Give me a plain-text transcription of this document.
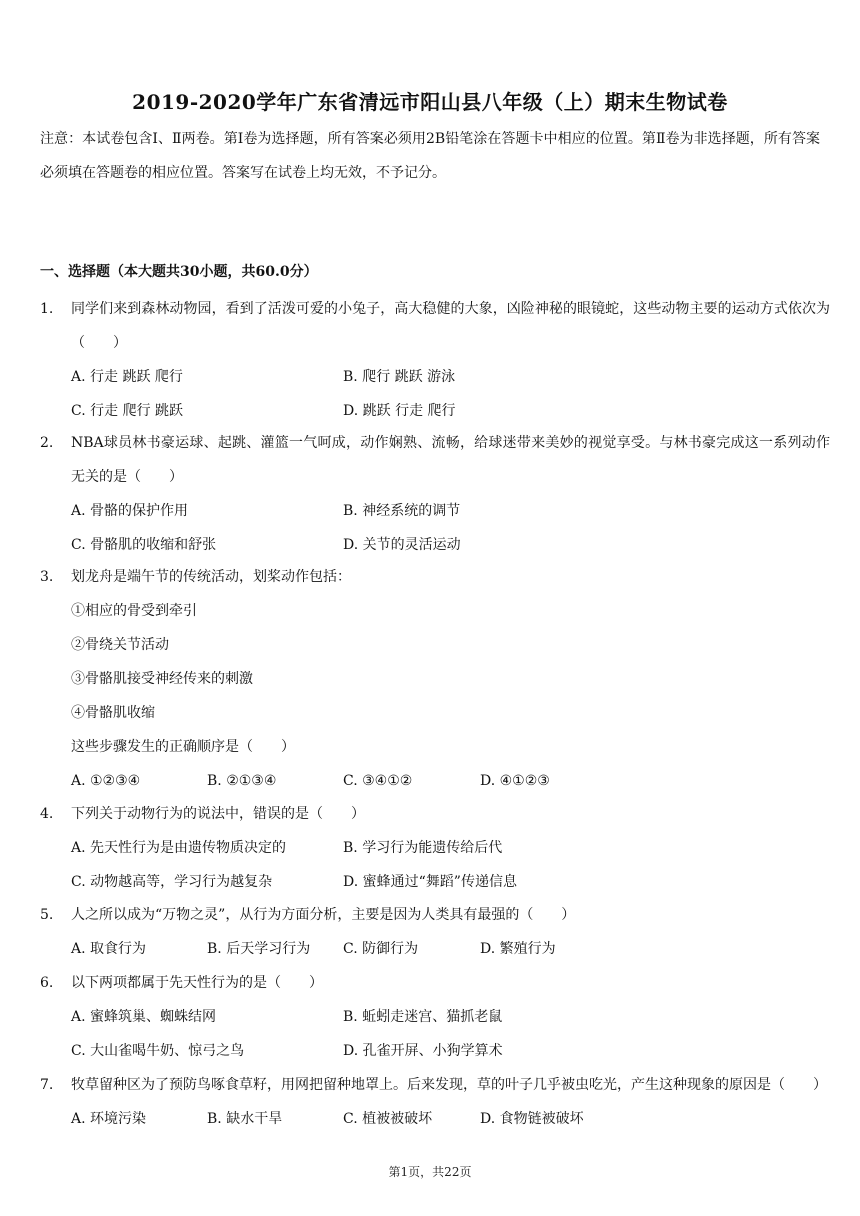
2019-2020学年广东省清远市阳山县八年级（上）期末生物试卷
注意：本试卷包含Ⅰ、Ⅱ两卷。第Ⅰ卷为选择题，所有答案必须用2B铅笔涂在答题卡中相应的位置。第Ⅱ卷为非选择题，所有答案必须填在答题卷的相应位置。答案写在试卷上均无效，不予记分。
一、选择题（本大题共30小题，共60.0分）
1.	同学们来到森林动物园，看到了活泼可爱的小兔子，高大稳健的大象，凶险神秘的眼镜蛇，这些动物主要的运动方式依次为（　　）
A. 行走 跳跃 爬行	B. 爬行 跳跃 游泳
C. 行走 爬行 跳跃	D. 跳跃 行走 爬行
2.	NBA球员林书豪运球、起跳、灌篮一气呵成，动作娴熟、流畅，给球迷带来美妙的视觉享受。与林书豪完成这一系列动作无关的是（　　）
A. 骨骼的保护作用	B. 神经系统的调节
C. 骨骼肌的收缩和舒张	D. 关节的灵活运动
3.	划龙舟是端午节的传统活动，划桨动作包括：
①相应的骨受到牵引
②骨绕关节活动
③骨骼肌接受神经传来的刺激
④骨骼肌收缩
这些步骤发生的正确顺序是（　　）
A. ①②③④	B. ②①③④	C. ③④①②	D. ④①②③
4.	下列关于动物行为的说法中，错误的是（　　）
A. 先天性行为是由遗传物质决定的	B. 学习行为能遗传给后代
C. 动物越高等，学习行为越复杂	D. 蜜蜂通过“舞蹈”传递信息
5.	人之所以成为“万物之灵”，从行为方面分析，主要是因为人类具有最强的（　　）
A. 取食行为	B. 后天学习行为 C. 防御行为	D. 繁殖行为
6.	以下两项都属于先天性行为的是（　　）
A. 蜜蜂筑巢、蜘蛛结网	B. 蚯蚓走迷宫、猫抓老鼠
C. 大山雀喝牛奶、惊弓之鸟	D. 孔雀开屏、小狗学算术
7.	牧草留种区为了预防鸟啄食草籽，用网把留种地罩上。后来发现，草的叶子几乎被虫吃光，产生这种现象的原因是（　　）
A. 环境污染	B. 缺水干旱	C. 植被被破坏	D. 食物链被破坏
第1页，共22页
